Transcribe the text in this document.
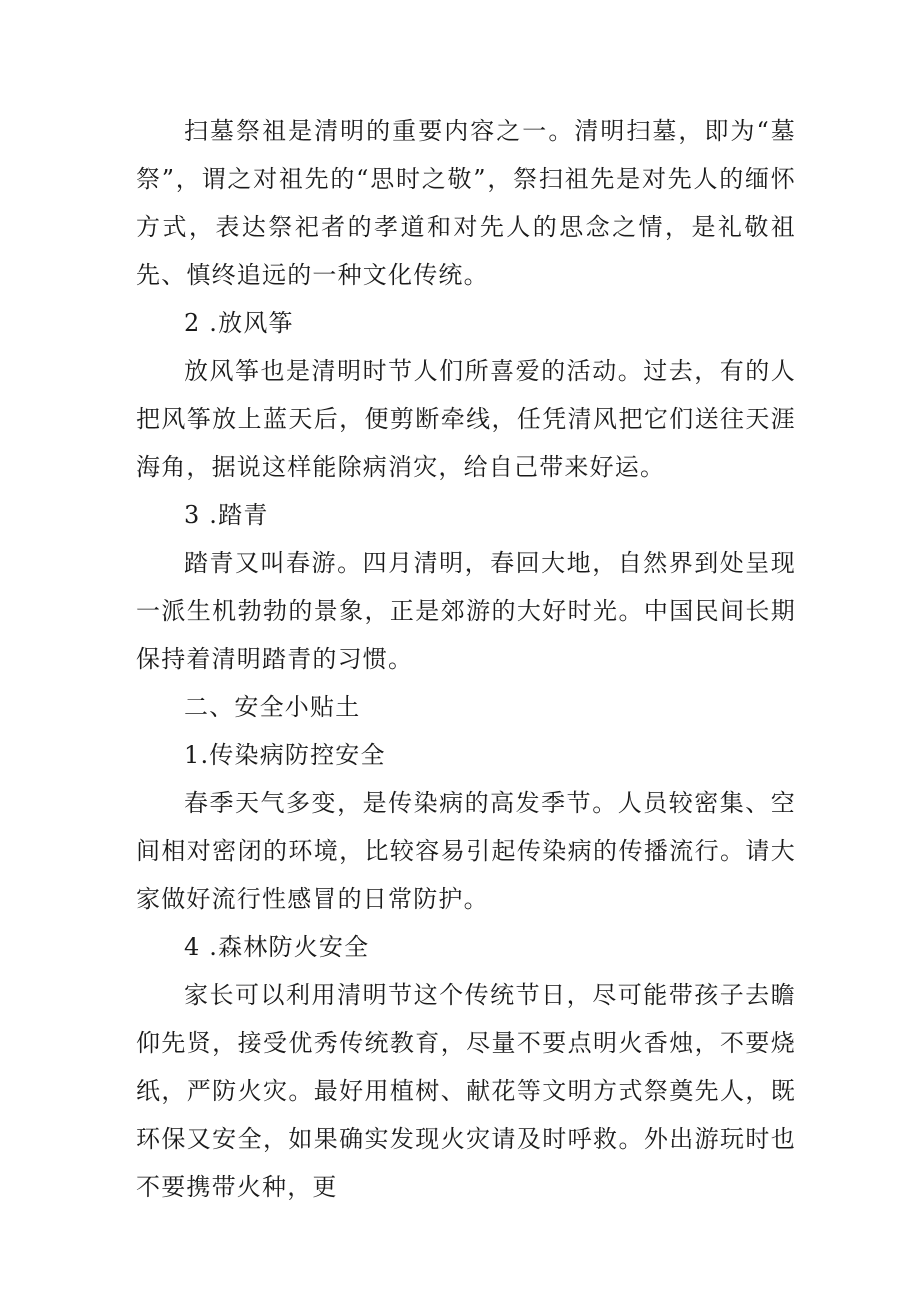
扫墓祭祖是清明的重要内容之一。清明扫墓，即为“墓祭”，谓之对祖先的“思时之敬”，祭扫祖先是对先人的缅怀方式，表达祭祀者的孝道和对先人的思念之情，是礼敬祖先、慎终追远的一种文化传统。

2 .放风筝

放风筝也是清明时节人们所喜爱的活动。过去，有的人把风筝放上蓝天后，便剪断牵线，任凭清风把它们送往天涯海角，据说这样能除病消灾，给自己带来好运。

3 .踏青

踏青又叫春游。四月清明，春回大地，自然界到处呈现一派生机勃勃的景象，正是郊游的大好时光。中国民间长期保持着清明踏青的习惯。

二、安全小贴土

1.传染病防控安全

春季天气多变，是传染病的高发季节。人员较密集、空间相对密闭的环境，比较容易引起传染病的传播流行。请大家做好流行性感冒的日常防护。

4 .森林防火安全

家长可以利用清明节这个传统节日，尽可能带孩子去瞻仰先贤，接受优秀传统教育，尽量不要点明火香烛，不要烧纸，严防火灾。最好用植树、献花等文明方式祭奠先人，既环保又安全，如果确实发现火灾请及时呼救。外出游玩时也不要携带火种，更
